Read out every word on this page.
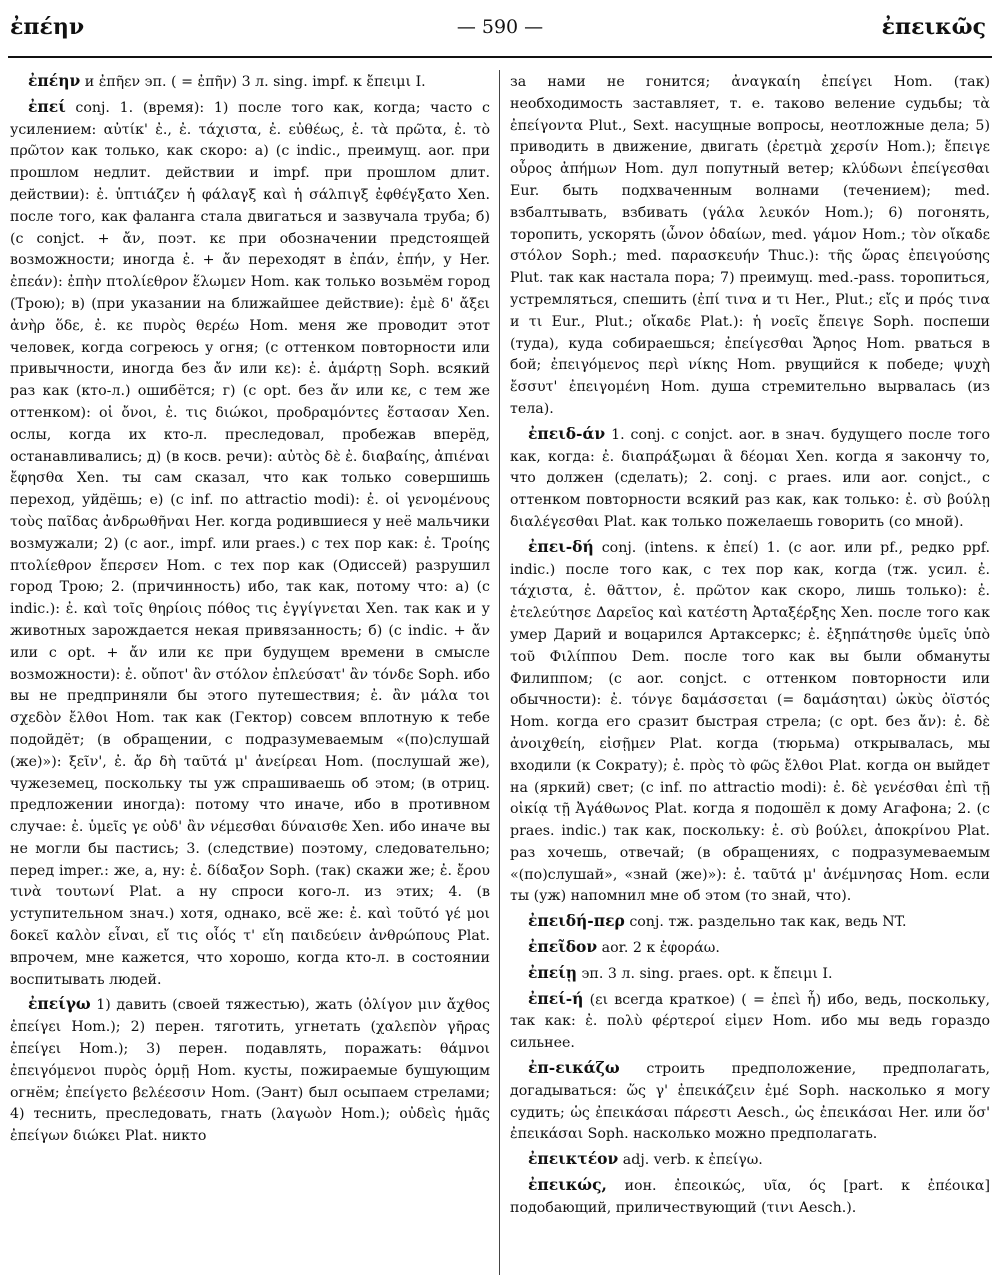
ἐπέην	— 590 —	ἐπεικῶς

ἐπέην и ἐπῆεν эп. ( = ἐπῆν) 3 л. sing. impf. к ἔπειμι I.

ἐπεί conj. 1. (время): 1) после того как, когда; часто с усилением: αὐτίκ' ἐ., ἐ. τάχιστα, ἐ. εὐθέως, ἐ. τὰ πρῶτα, ἐ. τὸ πρῶτον как только, как скоро: а) (с indic., преимущ. aor. при прошлом недлит. действии и impf. при прошлом длит. действии): ἐ. ὑπτιάζεν ἡ φάλαγξ καὶ ἡ σάλπιγξ ἐφθέγξατο Xen. после того, как фаланга стала двигаться и зазвучала труба; б) (с conjct. + ἄν, поэт. κε при обозначении предстоящей возможности; иногда ἐ. + ἄν переходят в ἐπάν, ἐπήν, у Her. ἐπεάν): ἐπὴν πτολίεθρον ἕλωμεν Hom. как только возьмём город (Трою); в) (при указании на ближайшее действие): ἐμὲ δ' ἄξει ἀνὴρ ὅδε, ἐ. κε πυρὸς θερέω Hom. меня же проводит этот человек, когда согреюсь у огня; (с оттенком повторности или привычности, иногда без ἄν или κε): ἐ. ἁμάρτῃ Soph. всякий раз как (кто-л.) ошибётся; г) (с opt. без ἄν или κε, с тем же оттенком): οἱ ὄνοι, ἐ. τις διώκοι, προδραμόντες ἕστασαν Xen. ослы, когда их кто-л. преследовал, пробежав вперёд, останавливались; д) (в косв. речи): αὐτὸς δὲ ἐ. διαβαίης, ἀπιέναι ἔφησθα Xen. ты сам сказал, что как только совершишь переход, уйдёшь; е) (с inf. по attractio modi): ἐ. οἱ γενομένους τοὺς παῖδας ἀνδρωθῆναι Her. когда родившиеся у неё мальчики возмужали; 2) (с aor., impf. или praes.) с тех пор как: ἐ. Τροίης πτολίεθρον ἔπερσεν Hom. с тех пор как (Одиссей) разрушил город Трою; 2. (причинность) ибо, так как, потому что: а) (с indic.): ἐ. καὶ τοῖς θηρίοις πόθος τις ἐγγίγνεται Xen. так как и у животных зарождается некая привязанность; б) (с indic. + ἄν или с opt. + ἄν или κε при будущем времени в смысле возможности): ἐ. οὔποτ' ἂν στόλον ἐπλεύσατ' ἂν τόνδε Soph. ибо вы не предприняли бы этого путешествия; ἐ. ἂν μάλα τοι σχεδὸν ἔλθοι Hom. так как (Гектор) совсем вплотную к тебе подойдёт; (в обращении, с подразумеваемым «(по)слушай (же)»): ξεῖν', ἐ. ἄρ δὴ ταῦτά μ' ἀνείρεαι Hom. (послушай же), чужеземец, поскольку ты уж спрашиваешь об этом; (в отриц. предложении иногда): потому что иначе, ибо в противном случае: ἐ. ὑμεῖς γε οὐδ' ἂν νέμεσθαι δύναισθε Xen. ибо иначе вы не могли бы пастись; 3. (следствие) поэтому, следовательно; перед imper.: же, а, ну: ἐ. δίδαξον Soph. (так) скажи же; ἐ. ἔρου τινὰ τουτωνί Plat. а ну спроси кого-л. из этих; 4. (в уступительном знач.) хотя, однако, всё же: ἐ. καὶ τοῦτό γέ μοι δοκεῖ καλὸν εἶναι, εἴ τις οἷός τ' εἴη παιδεύειν ἀνθρώπους Plat. впрочем, мне кажется, что хорошо, когда кто-л. в состоянии воспитывать людей.

ἐπείγω 1) давить (своей тяжестью), жать (ὀλίγον μιν ἄχθος ἐπείγει Hom.); 2) перен. тяготить, угнетать (χαλεπὸν γῆρας ἐπείγει Hom.); 3) перен. подавлять, поражать: θάμνοι ἐπειγόμενοι πυρὸς ὁρμῇ Hom. кусты, пожираемые бушующим огнём; ἐπείγετο βελέεσσιν Hom. (Эант) был осыпаем стрелами; 4) теснить, преследовать, гнать (λαγωὸν Hom.); οὐδεὶς ἡμᾶς ἐπείγων διώκει Plat. никто

за нами не гонится; ἀναγκαίη ἐπείγει Hom. (так) необходимость заставляет, т. е. таково веление судьбы; τὰ ἐπείγοντα Plut., Sext. насущные вопросы, неотложные дела; 5) приводить в движение, двигать (ἐρετμὰ χερσίν Hom.); ἔπειγε οὖρος ἀπήμων Hom. дул попутный ветер; κλύδωνι ἐπείγεσθαι Eur. быть подхваченным волнами (течением); med. взбалтывать, взбивать (γάλα λευκόν Hom.); 6) погонять, торопить, ускорять (ὦνον ὁδαίων, med. γάμον Hom.; τὸν οἴκαδε στόλον Soph.; med. παρασκευήν Thuc.): τῆς ὥρας ἐπειγούσης Plut. так как настала пора; 7) преимущ. med.-pass. торопиться, устремляться, спешить (ἐπί τινα и τι Her., Plut.; εἴς и πρός τινα и τι Eur., Plut.; οἴκαδε Plat.): ἡ νοεῖς ἔπειγε Soph. поспеши (туда), куда собираешься; ἐπείγεσθαι Ἄρηος Hom. рваться в бой; ἐπειγόμενος περὶ νίκης Hom. рвущийся к победе; ψυχὴ ἔσσυτ' ἐπειγομένη Hom. душа стремительно вырвалась (из тела).

ἐπειδ-άν 1. conj. с conjct. aor. в знач. будущего после того как, когда: ἐ. διαπράξωμαι ἃ δέομαι Xen. когда я закончу то, что должен (сделать); 2. conj. с praes. или aor. conjct., с оттенком повторности всякий раз как, как только: ἐ. σὺ βούλῃ διαλέγεσθαι Plat. как только пожелаешь говорить (со мной).

ἐπει-δή conj. (intens. к ἐπεί) 1. (с aor. или pf., редко ppf. indic.) после того как, с тех пор как, когда (тж. усил. ἐ. τάχιστα, ἐ. θᾶττον, ἐ. πρῶτον как скоро, лишь только): ἐ. ἐτελεύτησε Δαρεῖος καὶ κατέστη Ἀρταξέρξης Xen. после того как умер Дарий и воцарился Артаксеркс; ἐ. ἐξηπάτησθε ὑμεῖς ὑπὸ τοῦ Φιλίππου Dem. после того как вы были обмануты Филиппом; (с aor. conjct. с оттенком повторности или обычности): ἐ. τόνγε δαμάσσεται (= δαμάσηται) ὠκὺς ὀϊστός Hom. когда его сразит быстрая стрела; (с opt. без ἄν): ἐ. δὲ ἀνοιχθείη, εἰσῇμεν Plat. когда (тюрьма) открывалась, мы входили (к Сократу); ἐ. πρὸς τὸ φῶς ἔλθοι Plat. когда он выйдет на (яркий) свет; (с inf. по attractio modi): ἐ. δὲ γενέσθαι ἐπὶ τῇ οἰκίᾳ τῇ Ἀγάθωνος Plat. когда я подошёл к дому Агафона; 2. (с praes. indic.) так как, поскольку: ἐ. σὺ βούλει, ἀποκρίνου Plat. раз хочешь, отвечай; (в обращениях, с подразумеваемым «(по)слушай», «знай (же)»): ἐ. ταῦτά μ' ἀνέμνησας Hom. если ты (уж) напомнил мне об этом (то знай, что).

ἐπειδή-περ conj. тж. раздельно так как, ведь NT.

ἐπεῖδον aor. 2 к ἐφοράω.

ἐπείῃ эп. 3 л. sing. praes. opt. к ἔπειμι I.

ἐπεί-ή (ει всегда краткое) ( = ἐπεὶ ἦ) ибо, ведь, поскольку, так как: ἐ. πολὺ φέρτεροί εἰμεν Hom. ибо мы ведь гораздо сильнее.

ἐπ-εικάζω строить предположение, предполагать, догадываться: ὥς γ' ἐπεικάζειν ἐμέ Soph. насколько я могу судить; ὡς ἐπεικάσαι πάρεστι Aesch., ὡς ἐπεικάσαι Her. или ὅσ' ἐπεικάσαι Soph. насколько можно предполагать.

ἐπεικτέον adj. verb. к ἐπείγω.

ἐπεικώς, ион. ἐπεοικώς, υῖα, ός [part. к ἐπέοικα] подобающий, приличествующий (τινι Aesch.).
